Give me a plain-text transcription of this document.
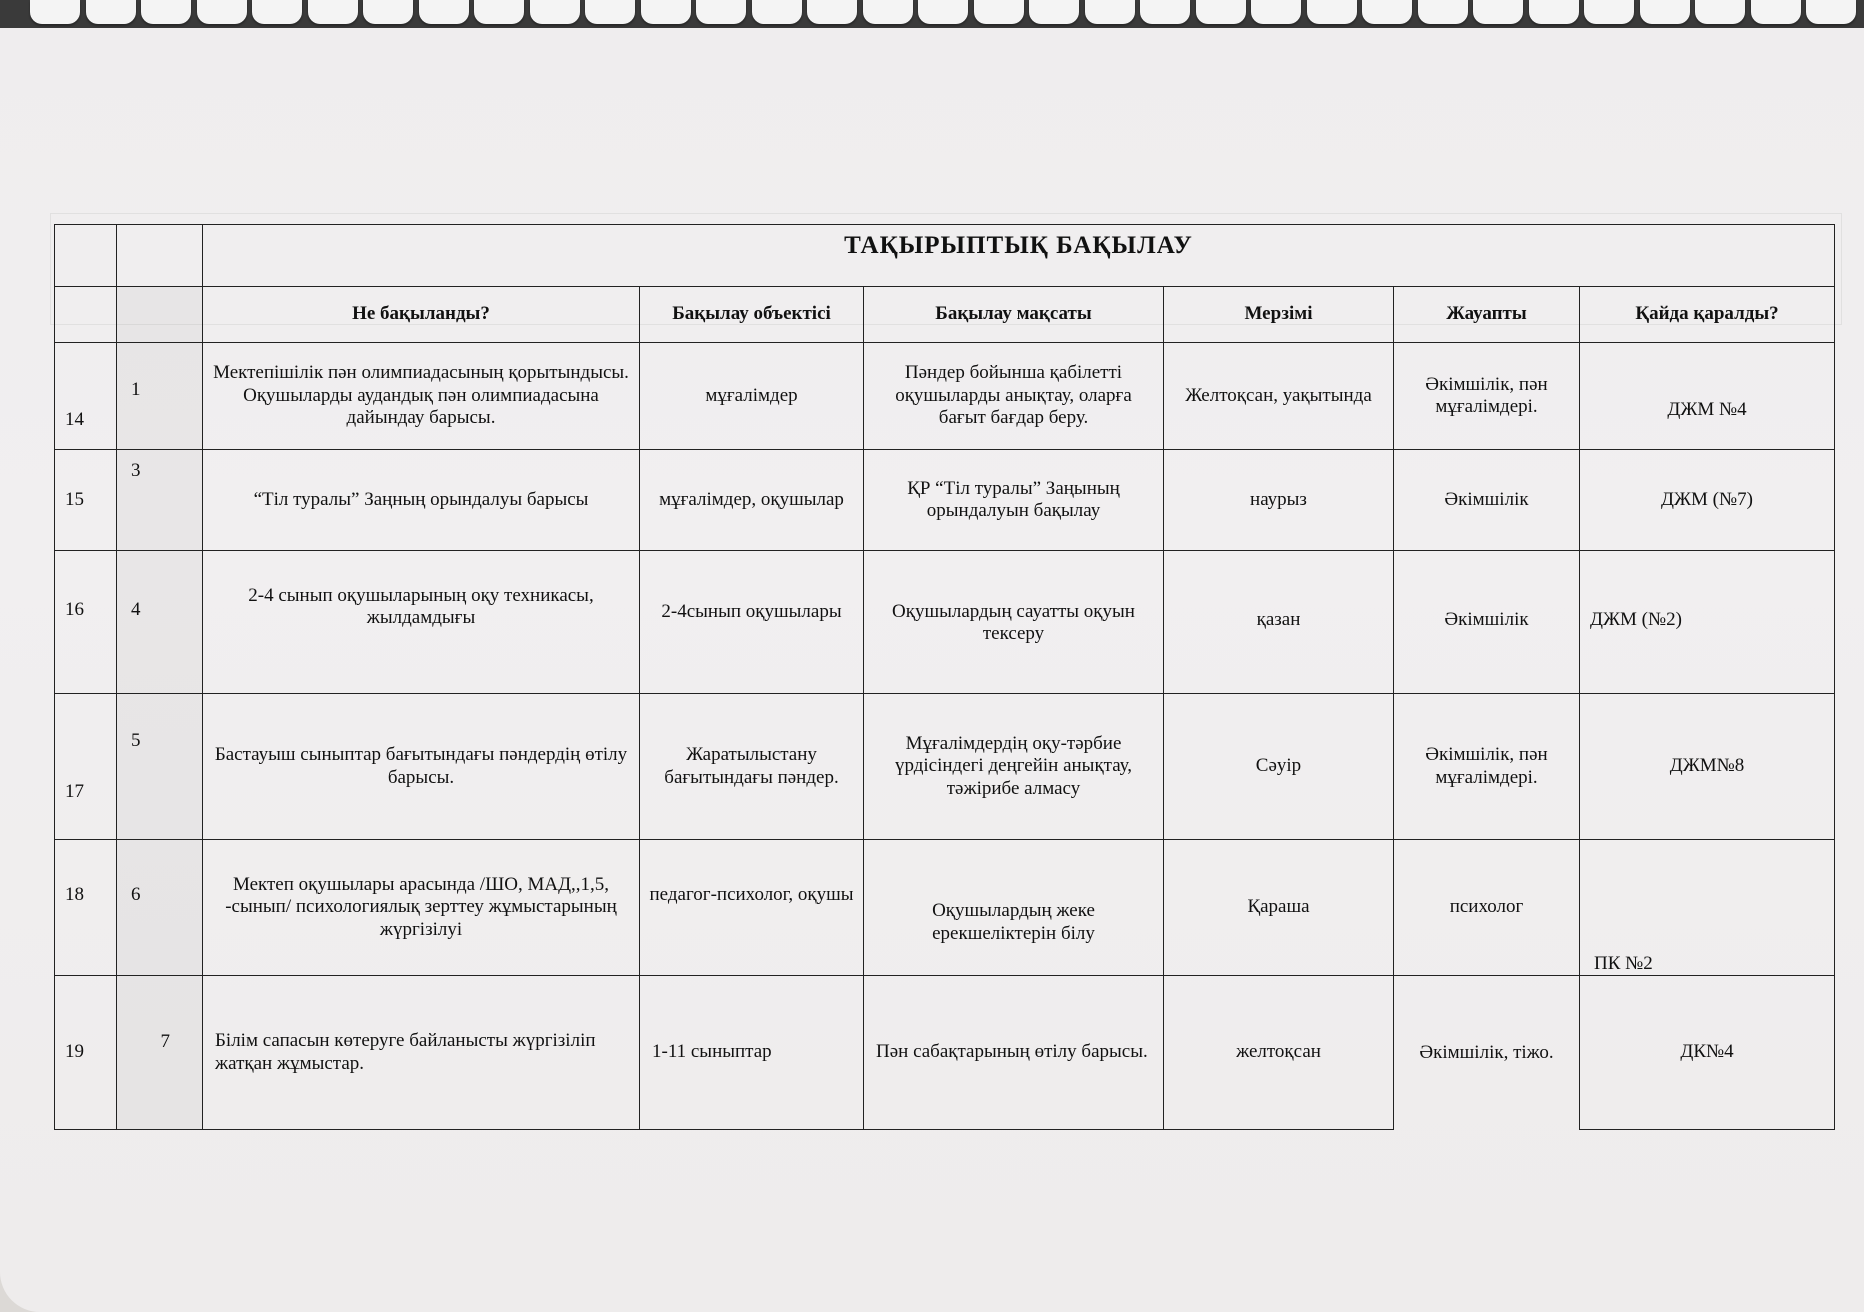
		ТАҚЫРЫПТЫҚ БАҚЫЛАУ					
		Не бақыланды?	Бақылау объектісі	Бақылау мақсаты	Мерзімі	Жауапты	Қайда қаралды?
14	1	Мектепішілік пән олимпиадасының қорытындысы. Оқушыларды аудандық пән олимпиадасына дайындау барысы.	мұғалімдер	Пәндер бойынша қабілетті оқушыларды анықтау, оларға бағыт бағдар беру.	Желтоқсан, уақытында	Әкімшілік, пән мұғалімдері.	ДЖМ №4
15	3	“Тіл туралы” Заңның орындалуы барысы	мұғалімдер, оқушылар	ҚР “Тіл туралы” Заңының орындалуын бақылау	наурыз	Әкімшілік	ДЖМ (№7)
16	4	2-4 сынып оқушыларының оқу техникасы, жылдамдығы	2-4сынып оқушылары	Оқушылардың сауатты оқуын тексеру	қазан	Әкімшілік	ДЖМ (№2)
17	5	Бастауыш сыныптар бағытындағы пәндердің өтілу барысы.	Жаратылыстану бағытындағы пәндер.	Мұғалімдердің оқу-тәрбие үрдісіндегі деңгейін анықтау, тәжірибе алмасу	Сәуір	Әкімшілік, пән мұғалімдері.	ДЖМ№8
18	6	Мектеп оқушылары арасында /ШО, МАД,,1,5, -сынып/ психологиялық зерттеу жұмыстарының жүргізілуі	педагог-психолог, оқушы	Оқушылардың жеке ерекшеліктерін білу	Қараша	психолог	ПК №2
19	7	Білім сапасын көтеруге байланысты жүргізіліп жатқан жұмыстар.	1-11 сыныптар	Пән сабақтарының өтілу барысы.	желтоқсан	Әкімшілік, тіжо.	ДК№4
